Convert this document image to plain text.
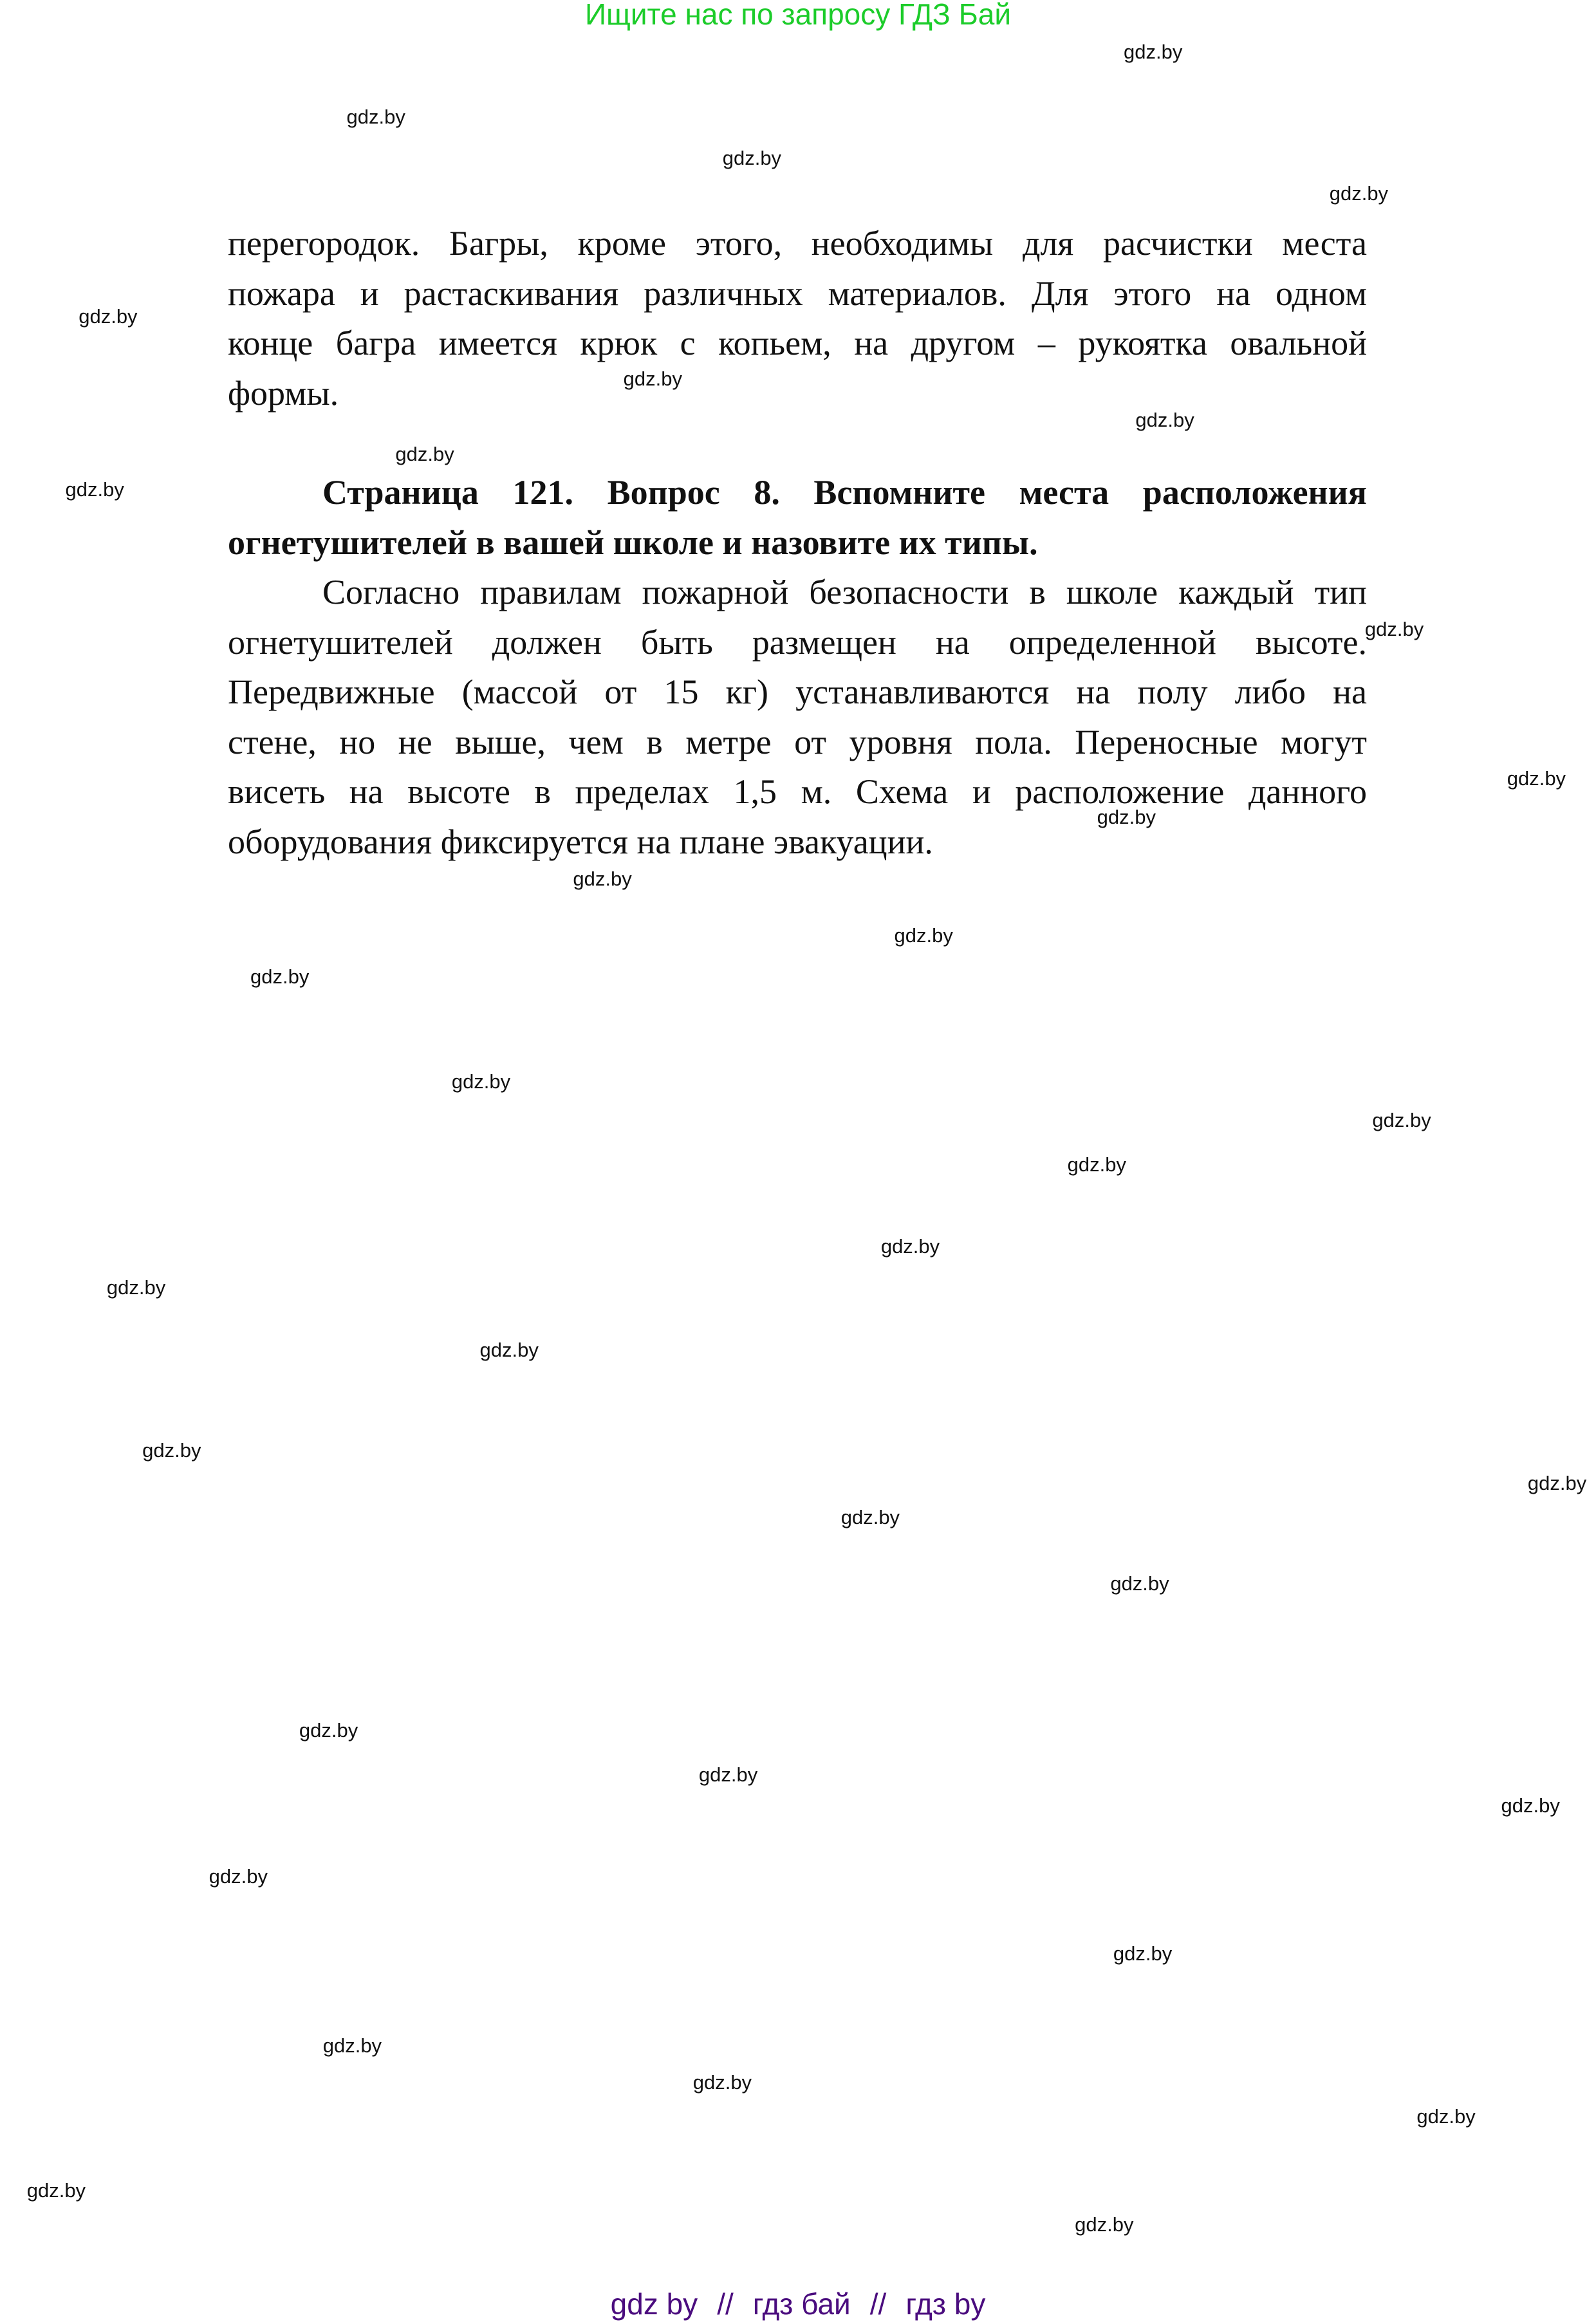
Ищите нас по запросу ГДЗ Бай
перегородок. Багры, кроме этого, необходимы для расчистки места
пожара и растаскивания различных материалов. Для этого на одном
конце багра имеется крюк с копьем, на другом – рукоятка овальной
формы.
Страница 121. Вопрос 8. Вспомните места расположения
огнетушителей в вашей школе и назовите их типы.
Согласно правилам пожарной безопасности в школе каждый тип
огнетушителей должен быть размещен на определенной высоте.
Передвижные (массой от 15 кг) устанавливаются на полу либо на
стене, но не выше, чем в метре от уровня пола. Переносные могут
висеть на высоте в пределах 1,5 м. Схема и расположение данного
оборудования фиксируется на плане эвакуации.
gdz.by
gdz.by
gdz.by
gdz.by
gdz.by
gdz.by
gdz.by
gdz.by
gdz.by
gdz.by
gdz.by
gdz.by
gdz.by
gdz.by
gdz.by
gdz.by
gdz.by
gdz.by
gdz.by
gdz.by
gdz.by
gdz.by
gdz.by
gdz.by
gdz.by
gdz.by
gdz.by
gdz.by
gdz.by
gdz.by
gdz.by
gdz.by
gdz.by
gdz.by
gdz.by
gdz by // гдз бай // гдз by
